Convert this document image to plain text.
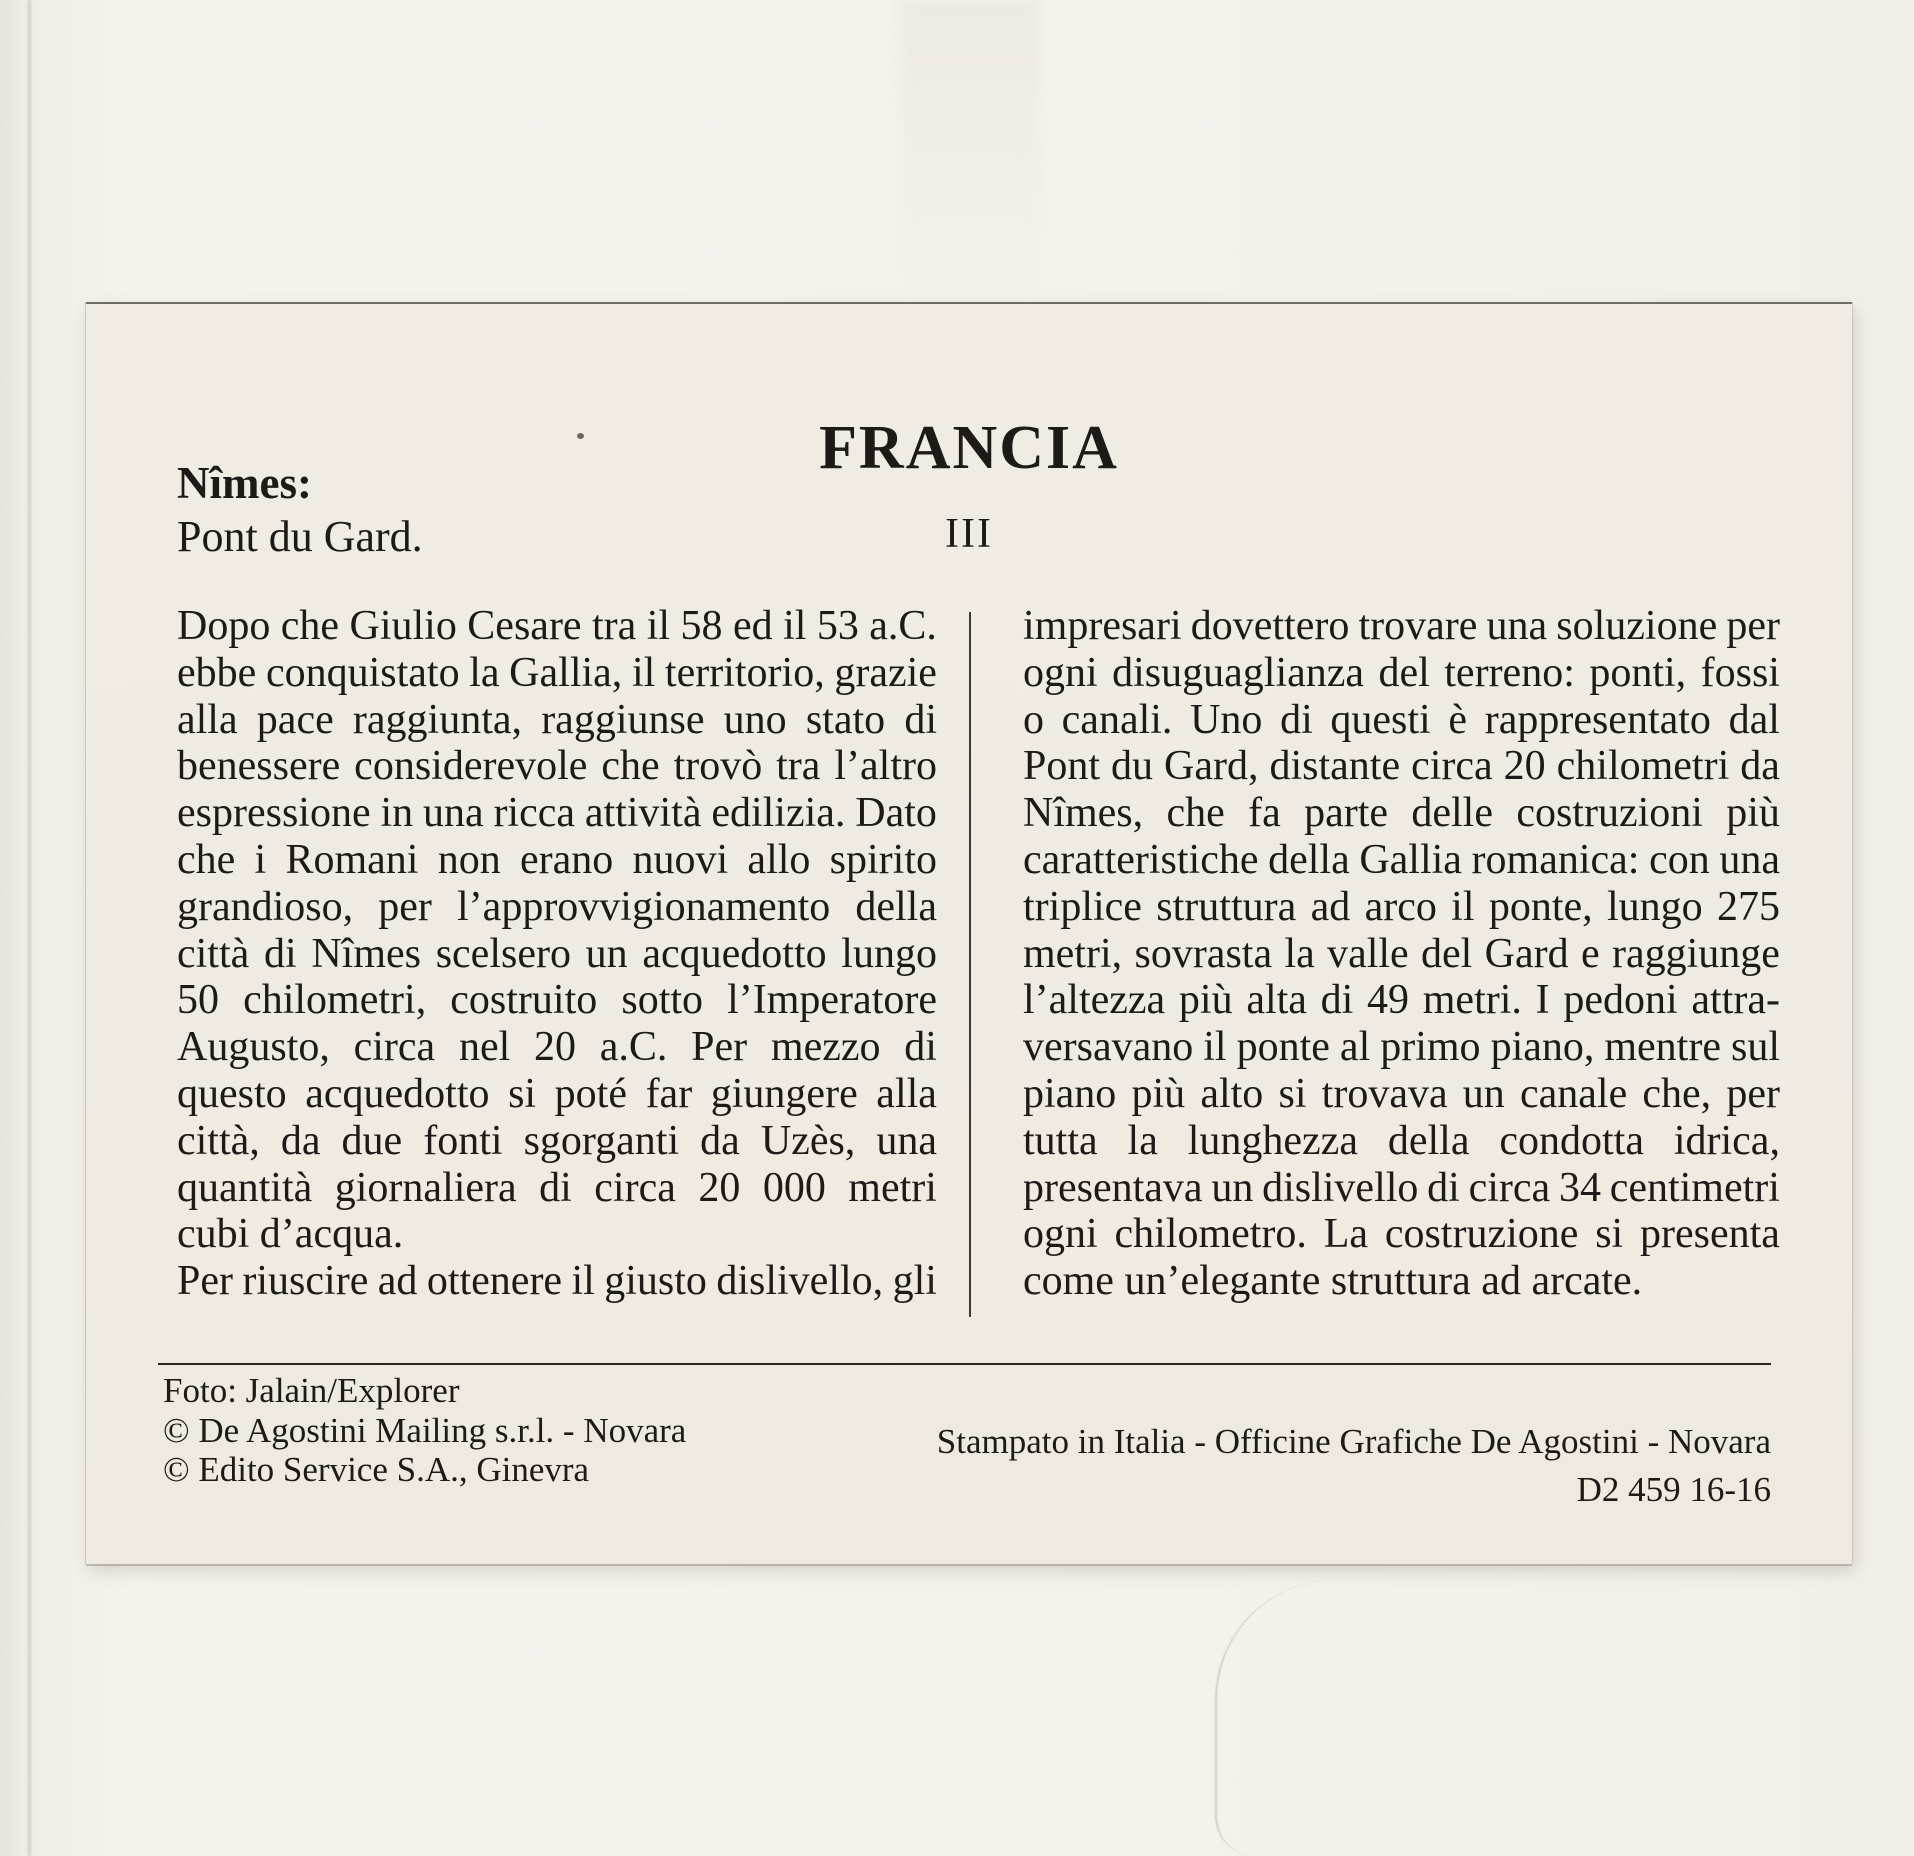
FRANCIA
III
Nîmes:
Pont du Gard.
Dopo che Giulio Cesare tra il 58 ed il 53 a.C.
ebbe conquistato la Gallia, il territorio, grazie
alla pace raggiunta, raggiunse uno stato di
benessere considerevole che trovò tra l’altro
espressione in una ricca attività edilizia. Dato
che i Romani non erano nuovi allo spirito
grandioso, per l’approvvigionamento della
città di Nîmes scelsero un acquedotto lungo
50 chilometri, costruito sotto l’Imperatore
Augusto, circa nel 20 a.C. Per mezzo di
questo acquedotto si poté far giungere alla
città, da due fonti sgorganti da Uzès, una
quantità giornaliera di circa 20 000 metri
cubi d’acqua.
Per riuscire ad ottenere il giusto dislivello, gli
impresari dovettero trovare una soluzione per
ogni disuguaglianza del terreno: ponti, fossi
o canali. Uno di questi è rappresentato dal
Pont du Gard, distante circa 20 chilometri da
Nîmes, che fa parte delle costruzioni più
caratteristiche della Gallia romanica: con una
triplice struttura ad arco il ponte, lungo 275
metri, sovrasta la valle del Gard e raggiunge
l’altezza più alta di 49 metri. I pedoni attra-
versavano il ponte al primo piano, mentre sul
piano più alto si trovava un canale che, per
tutta la lunghezza della condotta idrica,
presentava un dislivello di circa 34 centimetri
ogni chilometro. La costruzione si presenta
come un’elegante struttura ad arcate.
Foto: Jalain/Explorer
© De Agostini Mailing s.r.l. - Novara
© Edito Service S.A., Ginevra
Stampato in Italia - Officine Grafiche De Agostini - Novara
D2 459 16-16
